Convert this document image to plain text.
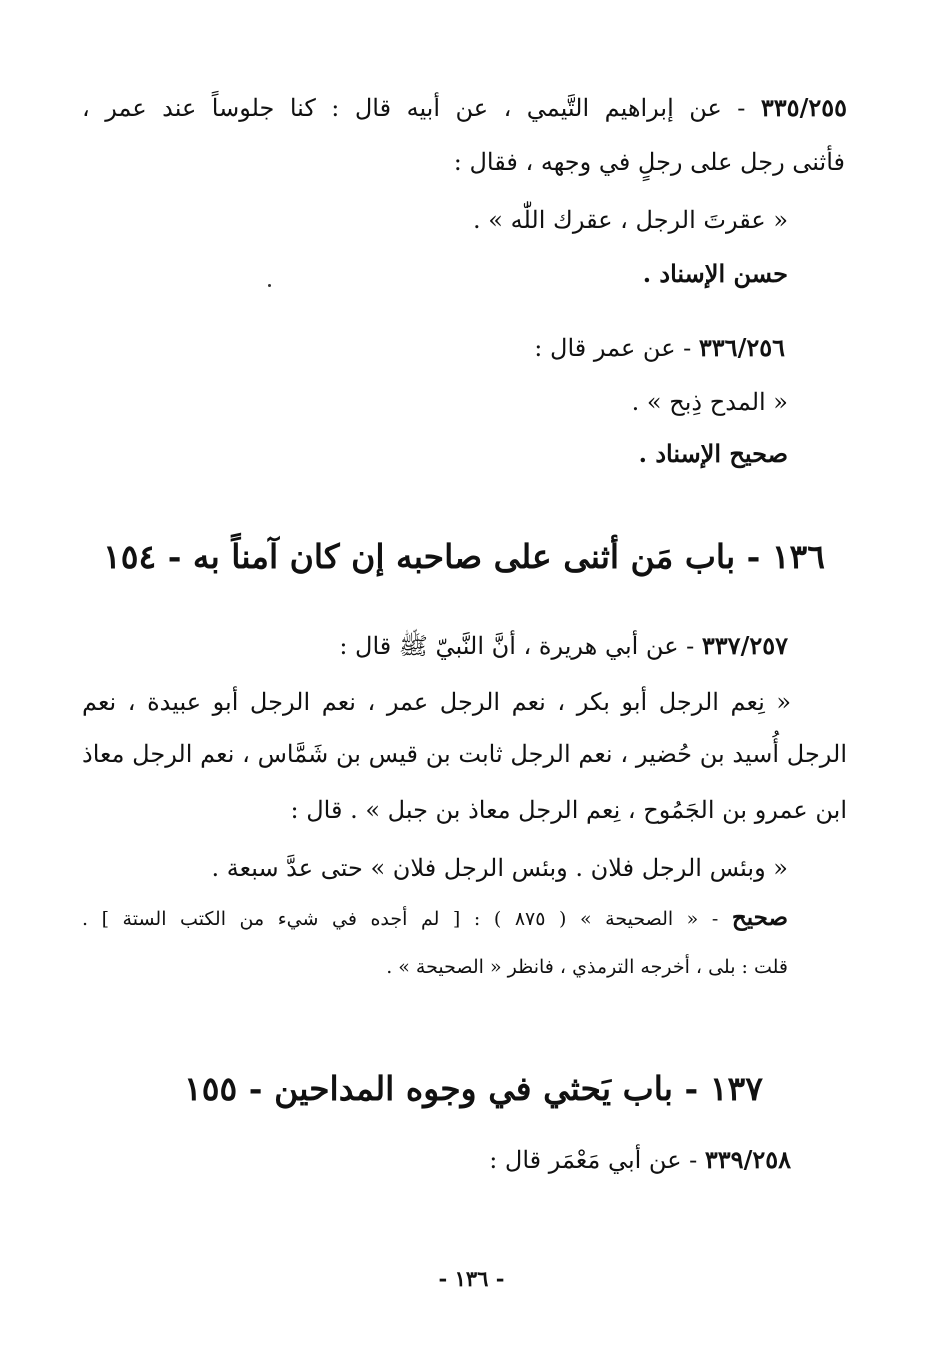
٣٣٥/٢٥٥ - عن إبراهيم التَّيمي ، عن أبيه قال : كنا جلوساً عند عمر ،
فأثنى رجل على رجلٍ في وجهه ، فقال :
« عقرتَ الرجل ، عقرك اللّٰه » .
حسن الإسناد .
٣٣٦/٢٥٦ - عن عمر قال :
« المدح ذِبح » .
صحيح الإسناد .
١٣٦ - باب مَن أثنى على صاحبه إن كان آمناً به - ١٥٤
٣٣٧/٢٥٧ - عن أبي هريرة ، أنَّ النَّبيّ ﷺ قال :
« نِعم الرجل أبو بكر ، نعم الرجل عمر ، نعم الرجل أبو عبيدة ، نعم
الرجل أُسيد بن حُضير ، نعم الرجل ثابت بن قيس بن شَمَّاس ، نعم الرجل معاذ
ابن عمرو بن الجَمُوح ، نِعم الرجل معاذ بن جبل » . قال :
« وبئس الرجل فلان . وبئس الرجل فلان » حتى عدَّ سبعة .
صحيح - « الصحيحة » ( ٨٧٥ ) : [ لم أجده في شيء من الكتب الستة ] .
قلت : بلى ، أخرجه الترمذي ، فانظر « الصحيحة » .
١٣٧ - باب يَحثي في وجوه المداحين - ١٥٥
٣٣٩/٢٥٨ - عن أبي مَعْمَر قال :
- ١٣٦ -
